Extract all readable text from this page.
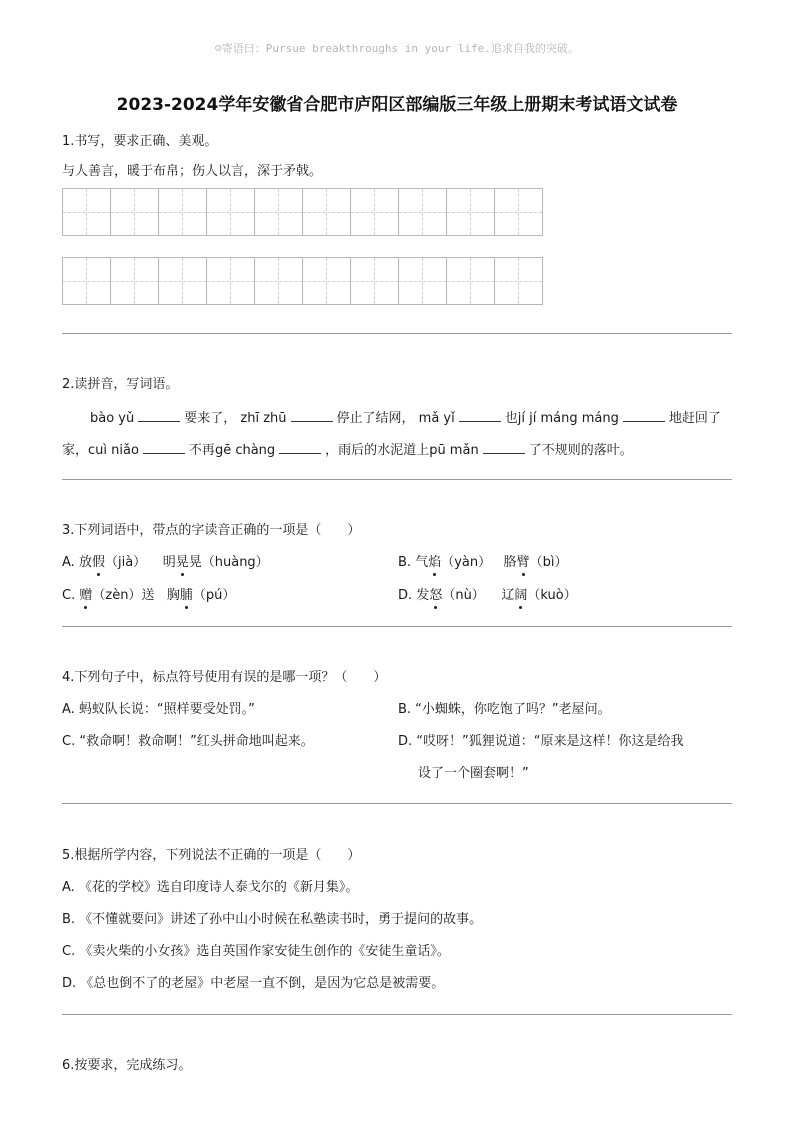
☺寄语曰：Pursue breakthroughs in your life.追求自我的突破。
2023-2024学年安徽省合肥市庐阳区部编版三年级上册期末考试语文试卷
1.书写，要求正确、美观。
与人善言，暖于布帛；伤人以言，深于矛戟。
2.读拼音，写词语。
bào yǔ	要来了， zhī zhū	停止了结网， mǎ yǐ	也jí jí máng máng	地赶回了
家，cuì niǎo	不再gē chàng	，雨后的水泥道上pū mǎn	了不规则的落叶。
3.下列词语中，带点的字读音正确的一项是（　　）
A. 放假（jià） 明晃晃（huàng）	B. 气焰（yàn） 胳臂（bì）
C. 赠（zèn）送 胸脯（pú）	D. 发怒（nù） 辽阔（kuò）
4.下列句子中，标点符号使用有误的是哪一项？（　　）
A. 蚂蚁队长说：“照样要受处罚。”	B. “小蜘蛛，你吃饱了吗？”老屋问。
C. “救命啊！救命啊！”红头拼命地叫起来。	D. “哎呀！”狐狸说道：“原来是这样！你这是给我
设了一个圈套啊！”
5.根据所学内容，下列说法不正确的一项是（　　）
A. 《花的学校》选自印度诗人泰戈尔的《新月集》。
B. 《不懂就要问》讲述了孙中山小时候在私塾读书时，勇于提问的故事。
C. 《卖火柴的小女孩》选自英国作家安徒生创作的《安徒生童话》。
D. 《总也倒不了的老屋》中老屋一直不倒，是因为它总是被需要。
6.按要求，完成练习。
